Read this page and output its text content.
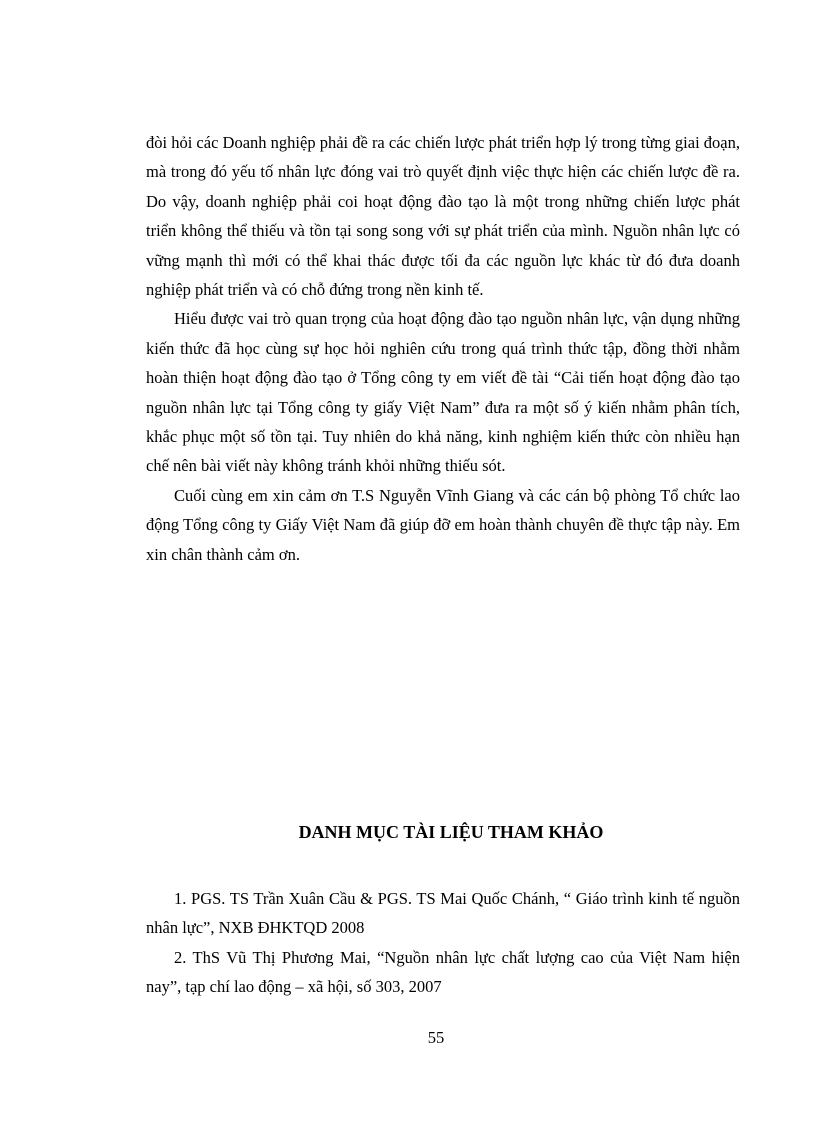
đòi hỏi các Doanh nghiệp phải đề ra các chiến lược phát triển hợp lý trong từng giai đoạn, mà trong đó yếu tố nhân lực đóng vai trò quyết định việc thực hiện các chiến lược đề ra. Do vậy, doanh nghiệp phải coi hoạt động đào tạo là một trong những chiến lược phát triển không thể thiếu và tồn tại song song với sự phát triển của mình. Nguồn nhân lực có vững mạnh thì mới có thể khai thác được tối đa các nguồn lực khác từ đó đưa doanh nghiệp phát triển và có chỗ đứng trong nền kinh tế.

Hiểu được vai trò quan trọng của hoạt động đào tạo nguồn nhân lực, vận dụng những kiến thức đã học cùng sự học hỏi nghiên cứu trong quá trình thức tập, đồng thời nhằm hoàn thiện hoạt động đào tạo ở Tổng công ty em viết đề tài “Cải tiến hoạt động đào tạo nguồn nhân lực tại Tổng công ty giấy Việt Nam” đưa ra một số ý kiến nhằm phân tích, khắc phục một số tồn tại. Tuy nhiên do khả năng, kinh nghiệm kiến thức còn nhiều hạn chế nên bài viết này không tránh khỏi những thiếu sót.

Cuối cùng em xin cảm ơn T.S Nguyễn Vĩnh Giang và các cán bộ phòng Tổ chức lao động Tổng công ty Giấy Việt Nam đã giúp đỡ em hoàn thành chuyên đề thực tập này. Em xin chân thành cảm ơn.

DANH MỤC TÀI LIỆU THAM KHẢO
1. PGS. TS Trần Xuân Cầu & PGS. TS Mai Quốc Chánh, “ Giáo trình kinh tế nguồn nhân lực”, NXB ĐHKTQD 2008
2. ThS Vũ Thị Phương Mai, “Nguồn nhân lực chất lượng cao của Việt Nam hiện nay”, tạp chí lao động – xã hội, số 303, 2007

55
